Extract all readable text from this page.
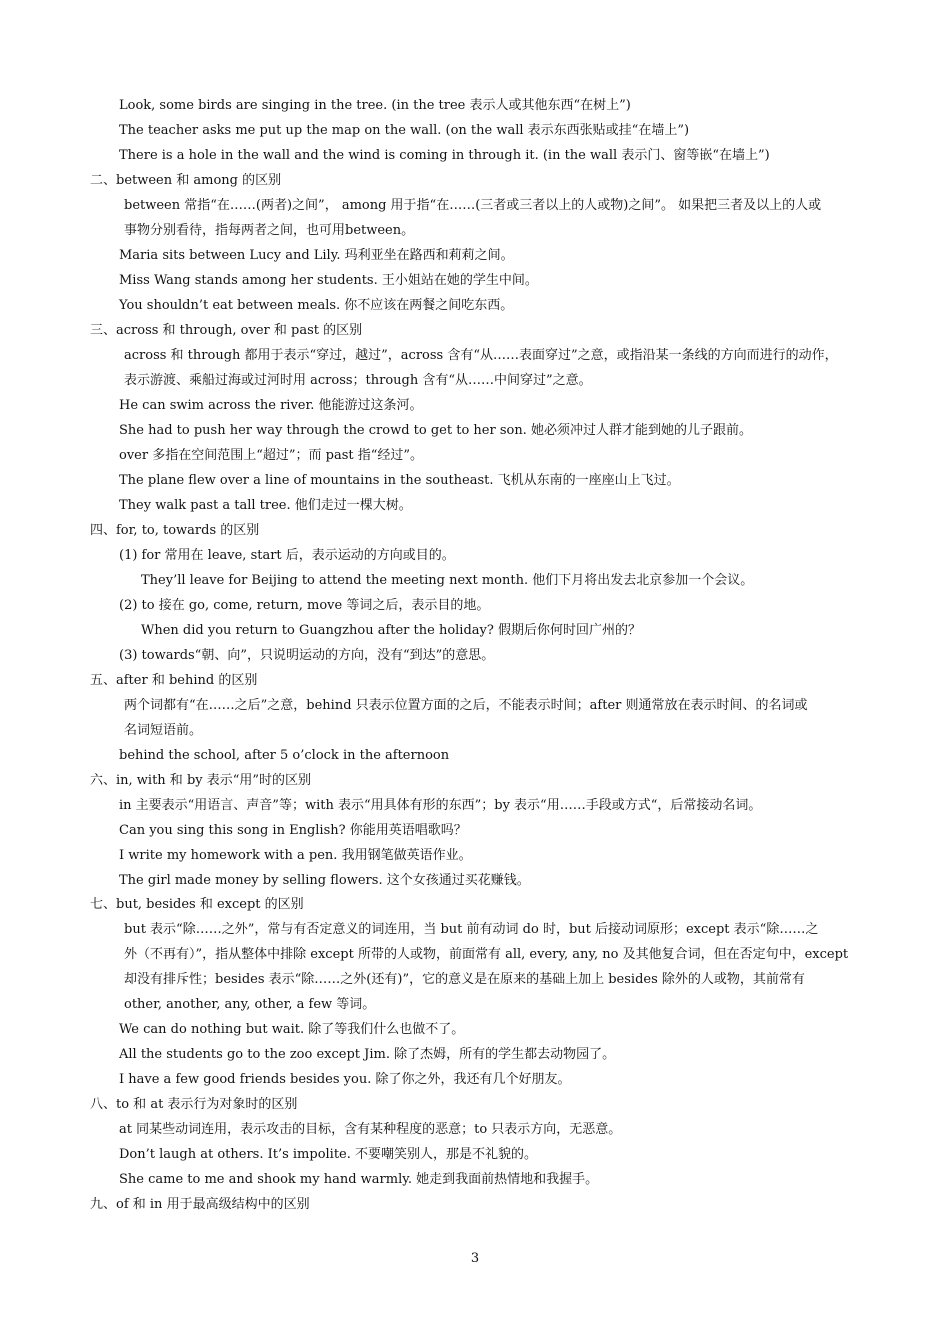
Look, some birds are singing in the tree. (in the tree 表示人或其他东西“在树上”)
The teacher asks me put up the map on the wall. (on the wall 表示东西张贴或挂“在墙上”)
There is a hole in the wall and the wind is coming in through it. (in the wall 表示门、窗等嵌“在墙上”)
二、between 和 among 的区别
between 常指“在……(两者)之间”， among 用于指“在……(三者或三者以上的人或物)之间”。 如果把三者及以上的人或
事物分别看待，指每两者之间，也可用between。
Maria sits between Lucy and Lily. 玛利亚坐在路西和莉莉之间。
Miss Wang stands among her students. 王小姐站在她的学生中间。
You shouldn’t eat between meals. 你不应该在两餐之间吃东西。
三、across 和 through, over 和 past 的区别
across 和 through 都用于表示“穿过，越过”，across 含有“从……表面穿过”之意，或指沿某一条线的方向而进行的动作，
表示游渡、乘船过海或过河时用 across；through 含有“从……中间穿过”之意。
He can swim across the river. 他能游过这条河。
She had to push her way through the crowd to get to her son. 她必须冲过人群才能到她的儿子跟前。
over 多指在空间范围上“超过”；而 past 指“经过”。
The plane flew over a line of mountains in the southeast. 飞机从东南的一座座山上飞过。
They walk past a tall tree. 他们走过一棵大树。
四、for, to, towards 的区别
(1) for 常用在 leave, start 后，表示运动的方向或目的。
They’ll leave for Beijing to attend the meeting next month. 他们下月将出发去北京参加一个会议。
(2) to 接在 go, come, return, move 等词之后，表示目的地。
When did you return to Guangzhou after the holiday? 假期后你何时回广州的？
(3) towards“朝、向”，只说明运动的方向，没有“到达”的意思。
五、after 和 behind 的区别
两个词都有“在……之后”之意，behind 只表示位置方面的之后，不能表示时间；after 则通常放在表示时间、的名词或
名词短语前。
behind the school, after 5 o’clock in the afternoon
六、in, with 和 by 表示“用”时的区别
in 主要表示“用语言、声音”等；with 表示“用具体有形的东西”；by 表示“用……手段或方式“，后常接动名词。
Can you sing this song in English? 你能用英语唱歌吗？
I write my homework with a pen. 我用钢笔做英语作业。
The girl made money by selling flowers. 这个女孩通过买花赚钱。
七、but, besides 和 except 的区别
but 表示“除……之外”，常与有否定意义的词连用，当 but 前有动词 do 时，but 后接动词原形；except 表示“除……之
外（不再有）”，指从整体中排除 except 所带的人或物，前面常有 all, every, any, no 及其他复合词，但在否定句中，except
却没有排斥性；besides 表示“除……之外(还有)”，它的意义是在原来的基础上加上 besides 除外的人或物，其前常有
other, another, any, other, a few 等词。
We can do nothing but wait. 除了等我们什么也做不了。
All the students go to the zoo except Jim. 除了杰姆，所有的学生都去动物园了。
I have a few good friends besides you. 除了你之外，我还有几个好朋友。
八、to 和 at 表示行为对象时的区别
at 同某些动词连用，表示攻击的目标，含有某种程度的恶意；to 只表示方向，无恶意。
Don’t laugh at others. It’s impolite. 不要嘲笑别人，那是不礼貌的。
She came to me and shook my hand warmly. 她走到我面前热情地和我握手。
九、of 和 in 用于最高级结构中的区别
3
